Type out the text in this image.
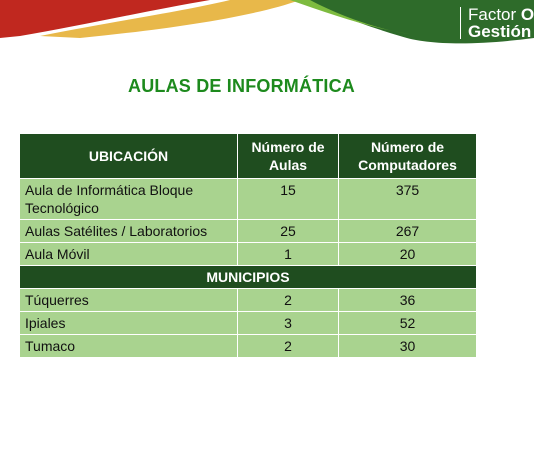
Factor Or
Gestión y
AULAS DE INFORMÁTICA
UBICACIÓN	Número de Aulas	Número de Computadores
Aula de Informática Bloque Tecnológico	15	375
Aulas Satélites / Laboratorios	25	267
Aula Móvil	1	20
MUNICIPIOS		
Túquerres	2	36
Ipiales	3	52
Tumaco	2	30
